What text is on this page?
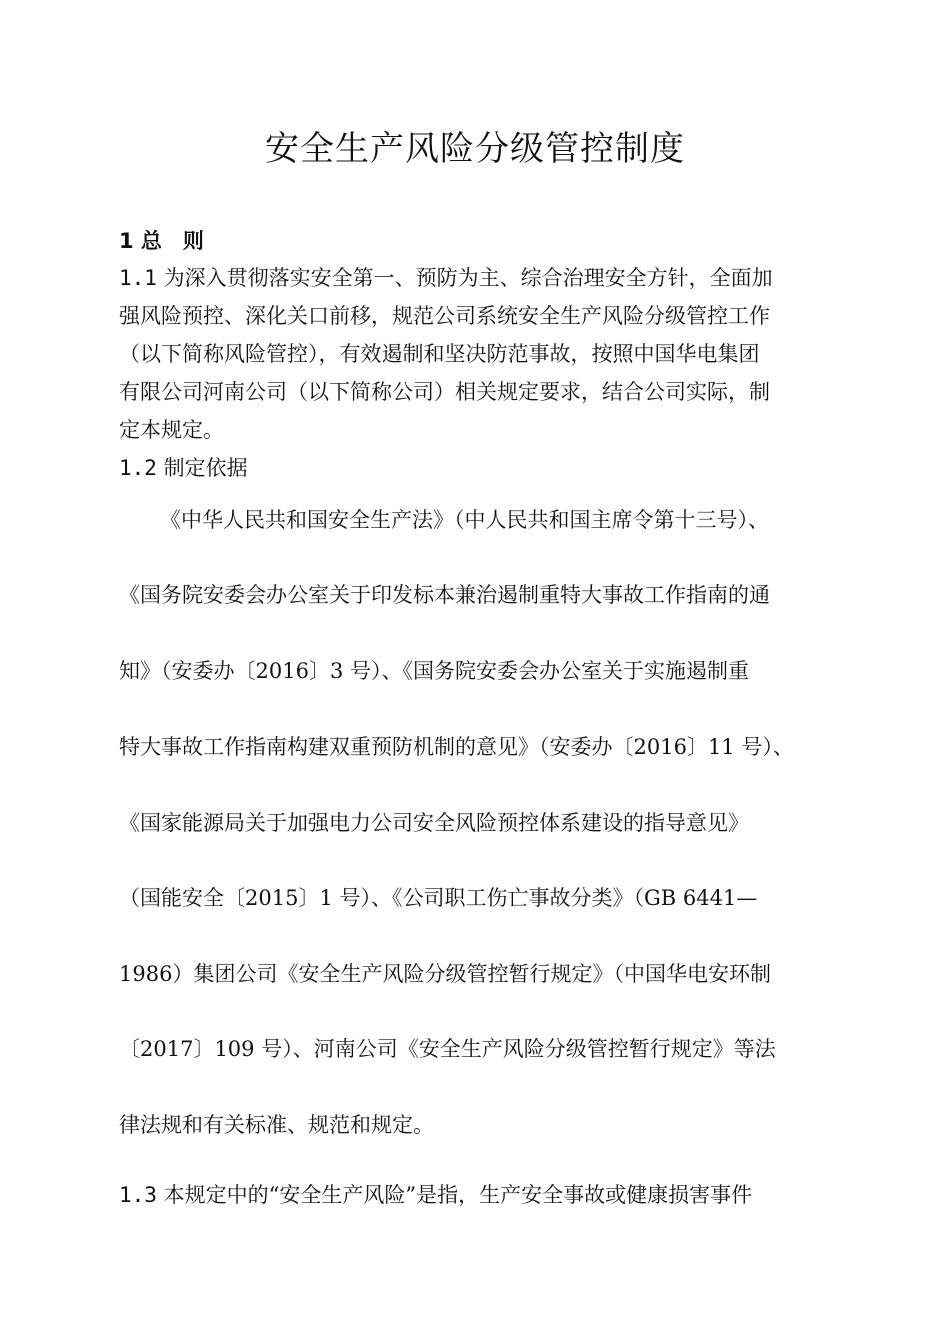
安全生产风险分级管控制度

1 总　则

1.1 为深入贯彻落实安全第一、预防为主、综合治理安全方针，全面加

强风险预控、深化关口前移，规范公司系统安全生产风险分级管控工作

（以下简称风险管控），有效遏制和坚决防范事故，按照中国华电集团

有限公司河南公司（以下简称公司）相关规定要求，结合公司实际，制

定本规定。

1.2 制定依据

《中华人民共和国安全生产法》（中人民共和国主席令第十三号）、

《国务院安委会办公室关于印发标本兼治遏制重特大事故工作指南的通

知》（安委办〔2016〕3 号）、《国务院安委会办公室关于实施遏制重

特大事故工作指南构建双重预防机制的意见》（安委办〔2016〕11 号）、

《国家能源局关于加强电力公司安全风险预控体系建设的指导意见》

（国能安全〔2015〕1 号）、《公司职工伤亡事故分类》（GB 6441—

1986）集团公司《安全生产风险分级管控暂行规定》（中国华电安环制

〔2017〕109 号）、河南公司《安全生产风险分级管控暂行规定》等法

律法规和有关标准、规范和规定。

1.3 本规定中的“安全生产风险”是指，生产安全事故或健康损害事件
